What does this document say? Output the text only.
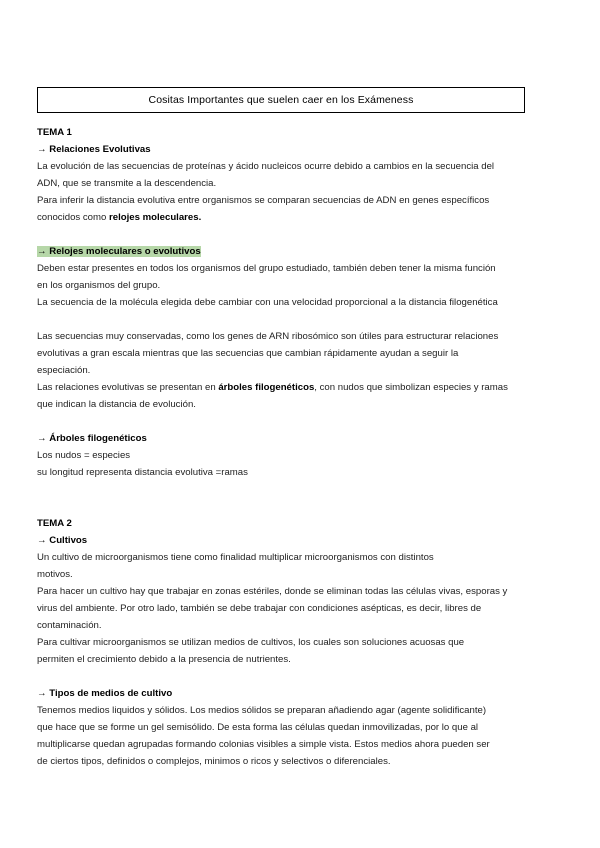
Cositas Importantes que suelen caer en los Exámeness
TEMA 1
→ Relaciones Evolutivas
La evolución de las secuencias de proteínas y ácido nucleicos ocurre debido a cambios en la secuencia del
ADN, que se transmite a la descendencia.
Para inferir la distancia evolutiva entre organismos se comparan secuencias de ADN en genes específicos
conocidos como relojes moleculares.
→ Relojes moleculares o evolutivos
Deben estar presentes en todos los organismos del grupo estudiado, también deben tener la misma función
en los organismos del grupo.
La secuencia de la molécula elegida debe cambiar con una velocidad proporcional a la distancia filogenética
Las secuencias muy conservadas, como los genes de ARN ribosómico son útiles para estructurar relaciones
evolutivas a gran escala mientras que las secuencias que cambian rápidamente ayudan a seguir la
especiación.
Las relaciones evolutivas se presentan en árboles filogenéticos, con nudos que simbolizan especies y ramas
que indican la distancia de evolución.
→ Árboles filogenéticos
Los nudos = especies
su longitud representa distancia evolutiva =ramas
TEMA 2
→ Cultivos
Un cultivo de microorganismos tiene como finalidad multiplicar microorganismos con distintos
motivos.
Para hacer un cultivo hay que trabajar en zonas estériles, donde se eliminan todas las células vivas, esporas y
virus del ambiente. Por otro lado, también se debe trabajar con condiciones asépticas, es decir, libres de
contaminación.
Para cultivar microorganismos se utilizan medios de cultivos, los cuales son soluciones acuosas que
permiten el crecimiento debido a la presencia de nutrientes.
→ Tipos de medios de cultivo
Tenemos medios liquidos y sólidos. Los medios sólidos se preparan añadiendo agar (agente solidificante)
que hace que se forme un gel semisólido. De esta forma las células quedan inmovilizadas, por lo que al
multiplicarse quedan agrupadas formando colonias visibles a simple vista. Estos medios ahora pueden ser
de ciertos tipos, definidos o complejos, minimos o ricos y selectivos o diferenciales.
